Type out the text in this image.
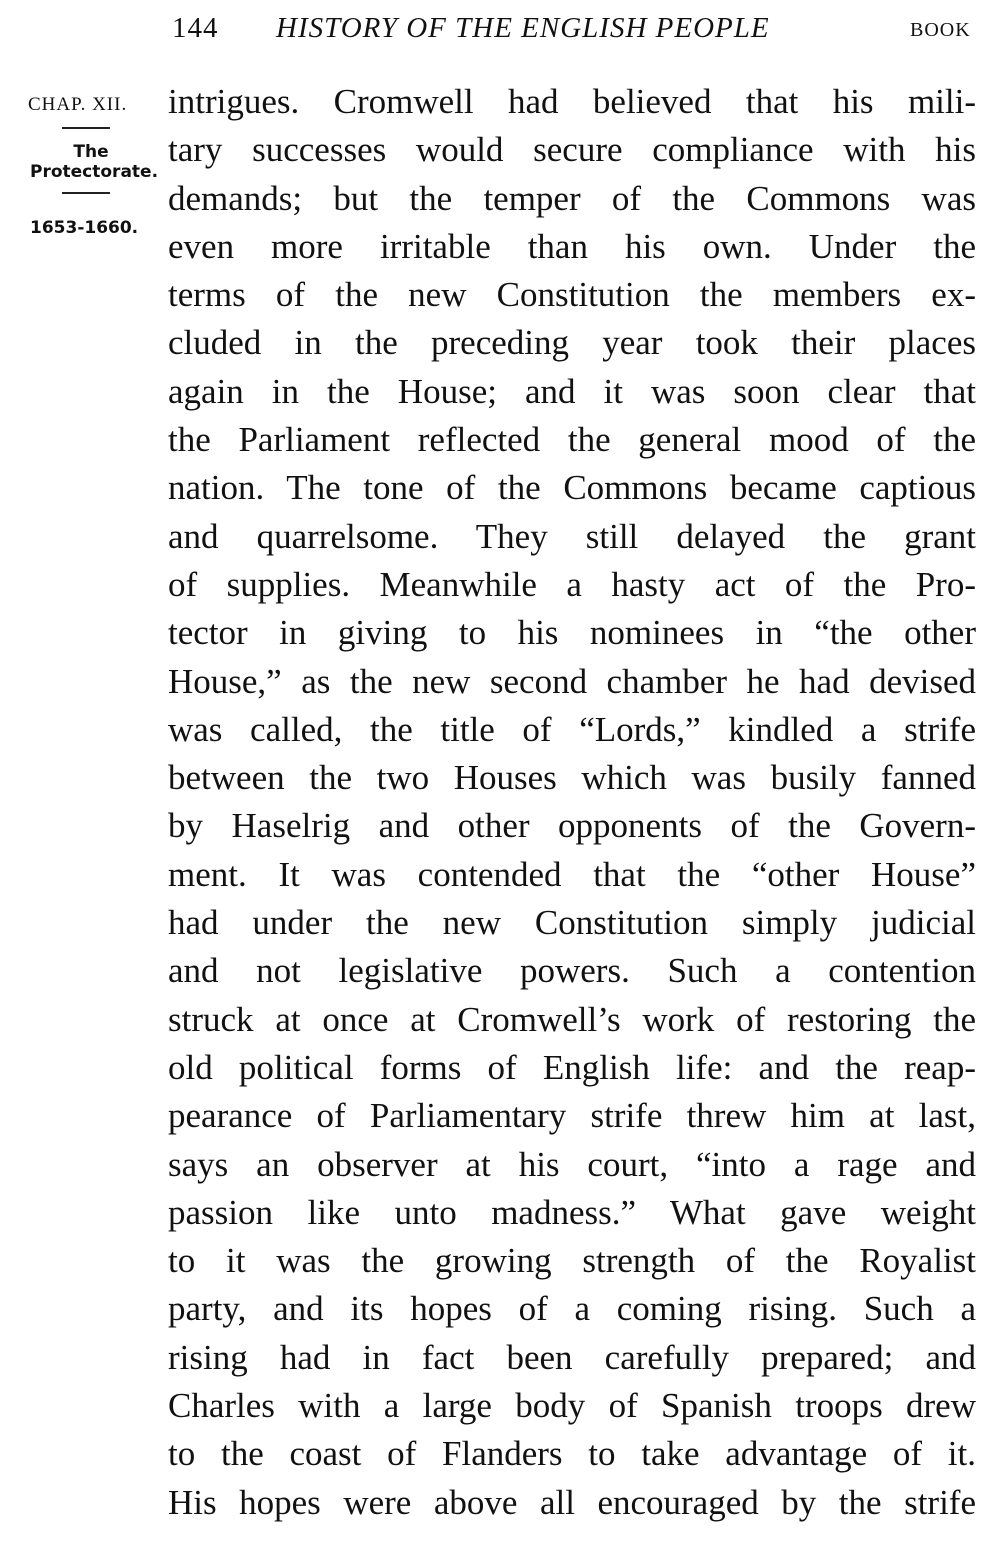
144 HISTORY OF THE ENGLISH PEOPLE	BOOK
CHAP. XII.
The Protectorate.
1653-1660.
intrigues. Cromwell had believed that his mili-
tary successes would secure compliance with his
demands; but the temper of the Commons was
even more irritable than his own. Under the
terms of the new Constitution the members ex-
cluded in the preceding year took their places
again in the House; and it was soon clear that
the Parliament reflected the general mood of the
nation. The tone of the Commons became captious
and quarrelsome. They still delayed the grant
of supplies. Meanwhile a hasty act of the Pro-
tector in giving to his nominees in “the other
House,” as the new second chamber he had devised
was called, the title of “Lords,” kindled a strife
between the two Houses which was busily fanned
by Haselrig and other opponents of the Govern-
ment. It was contended that the “other House”
had under the new Constitution simply judicial
and not legislative powers. Such a contention
struck at once at Cromwell’s work of restoring the
old political forms of English life: and the reap-
pearance of Parliamentary strife threw him at last,
says an observer at his court, “into a rage and
passion like unto madness.” What gave weight
to it was the growing strength of the Royalist
party, and its hopes of a coming rising. Such a
rising had in fact been carefully prepared; and
Charles with a large body of Spanish troops drew
to the coast of Flanders to take advantage of it.
His hopes were above all encouraged by the strife
